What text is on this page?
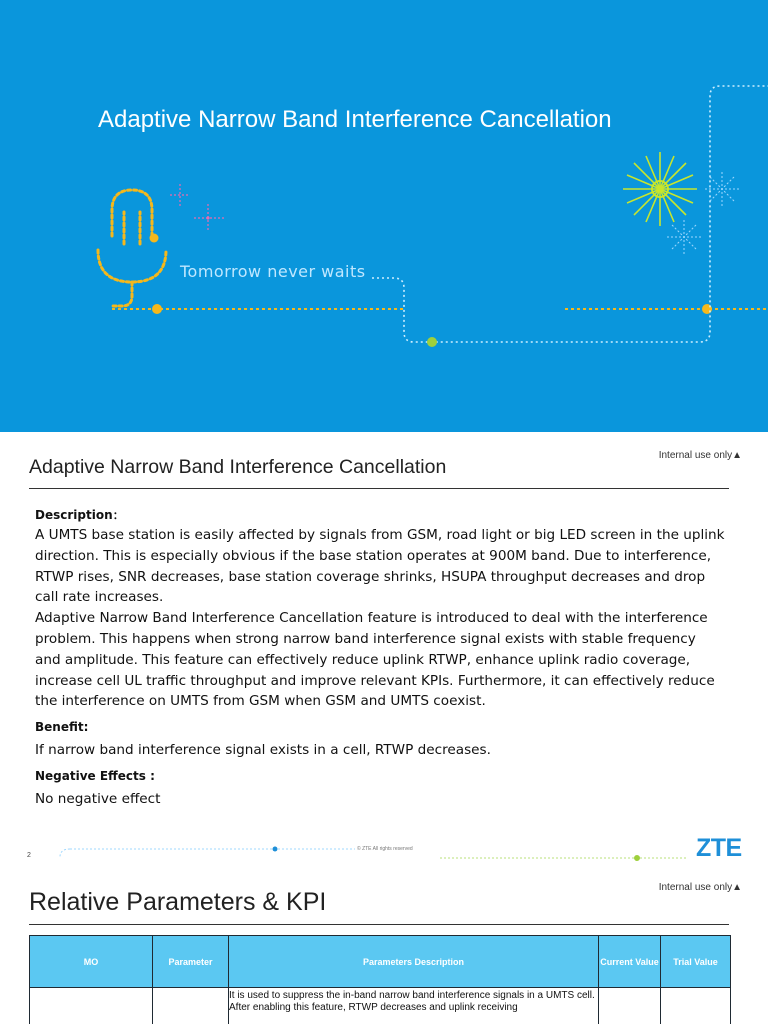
Adaptive Narrow Band Interference Cancellation
Tomorrow never waits
Adaptive Narrow Band Interference Cancellation
Internal use only▲
Description：
A UMTS base station is easily affected by signals from GSM, road light or big LED screen in the uplink direction. This is especially obvious if the base station operates at 900M band. Due to interference, RTWP rises, SNR decreases, base station coverage shrinks, HSUPA throughput decreases and drop call rate increases.
Adaptive Narrow Band Interference Cancellation feature is introduced to deal with the interference problem. This happens when strong narrow band interference signal exists with stable frequency and amplitude. This feature can effectively reduce uplink RTWP, enhance uplink radio coverage, increase cell UL traffic throughput and improve relevant KPIs. Furthermore, it can effectively reduce the interference on UMTS from GSM when GSM and UMTS coexist.
Benefit:
If narrow band interference signal exists in a cell, RTWP decreases.
Negative Effects :
No negative effect
2
© ZTE All rights reserved	ZTE
Relative Parameters & KPI
Internal use only▲
MO	Parameter	Parameters Description	Current Value	Trial Value
		It is used to suppress the in-band narrow band interference signals in a UMTS cell. After enabling this feature, RTWP decreases and uplink receiving		
